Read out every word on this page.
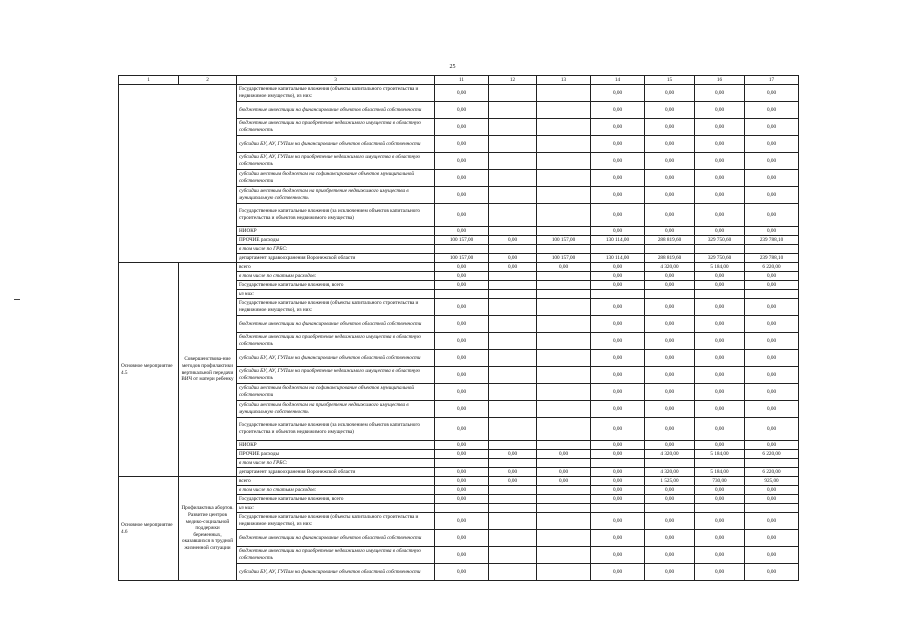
25
1	2	3	11	12	13	14	15	16	17
		Государственные капитальные вложения (объекты капитального строительства и недвижимое имущество), из них:	0,00			0,00	0,00	0,00	0,00
		бюджетные инвестиции на финансирование объектов областной собственности	0,00			0,00	0,00	0,00	0,00
		бюджетные инвестиции на приобретение недвижимого имущества в областную собственность	0,00			0,00	0,00	0,00	0,00
		субсидии БУ, АУ, ГУПам на финансирование объектов областной собственности	0,00			0,00	0,00	0,00	0,00
		субсидии БУ, АУ, ГУПам на приобретение недвижимого имущества в областную собственность	0,00			0,00	0,00	0,00	0,00
		субсидии местным бюджетам на софинансирование объектов муниципальной собственности	0,00			0,00	0,00	0,00	0,00
		субсидии местным бюджетам на приобретение недвижимого имущества в муниципальную собственность	0,00			0,00	0,00	0,00	0,00
		Государственные капитальные вложения (за исключением объектов капитального строительства и объектов недвижимого имущества)	0,00			0,00	0,00	0,00	0,00
		НИОКР	0,00			0,00	0,00	0,00	0,00
		ПРОЧИЕ расходы	100 157,00	0,00	100 157,00	130 114,00	288 819,60	329 750,60	239 788,10
		в том числе по ГРБС:							
		департамент здравоохранения Воронежской области	100 157,00	0,00	100 157,00	130 114,00	288 819,60	329 750,60	239 788,10
Основное мероприятие 4.5	Совершенствова-ние методов профилактики вертикальной передачи ВИЧ от матери ребенку	всего	0,00	0,00	0,00	0,00	4 320,00	5 184,00	6 220,00
		в том числе по статьям расходов:	0,00			0,00	0,00	0,00	0,00
		Государственные капитальные вложения, всего	0,00			0,00	0,00	0,00	0,00
		из них:							
		Государственные капитальные вложения (объекты капитального строительства и недвижимое имущество), из них:	0,00			0,00	0,00	0,00	0,00
		бюджетные инвестиции на финансирование объектов областной собственности	0,00			0,00	0,00	0,00	0,00
		бюджетные инвестиции на приобретение недвижимого имущества в областную собственность	0,00			0,00	0,00	0,00	0,00
		субсидии БУ, АУ, ГУПам на финансирование объектов областной собственности	0,00			0,00	0,00	0,00	0,00
		субсидии БУ, АУ, ГУПам на приобретение недвижимого имущества в областную собственность	0,00			0,00	0,00	0,00	0,00
		субсидии местным бюджетам на софинансирование объектов муниципальной собственности	0,00			0,00	0,00	0,00	0,00
		субсидии местным бюджетам на приобретение недвижимого имущества в муниципальную собственность	0,00			0,00	0,00	0,00	0,00
		Государственные капитальные вложения (за исключением объектов капитального строительства и объектов недвижимого имущества)	0,00			0,00	0,00	0,00	0,00
		НИОКР	0,00			0,00	0,00	0,00	0,00
		ПРОЧИЕ расходы	0,00	0,00	0,00	0,00	4 320,00	5 184,00	6 220,00
		в том числе по ГРБС:							
		департамент здравоохранения Воронежской области	0,00	0,00	0,00	0,00	4 320,00	5 184,00	6 220,00
Основное мероприятие 4.6	Профилактика абортов. Развитие центров медико-социальной поддержки беременных, оказавшихся в трудной жизненной ситуации	всего	0,00	0,00	0,00	0,00	1 525,00	730,00	925,00
		в том числе по статьям расходов:	0,00			0,00	0,00	0,00	0,00
		Государственные капитальные вложения, всего	0,00			0,00	0,00	0,00	0,00
		из них:							
		Государственные капитальные вложения (объекты капитального строительства и недвижимое имущество), из них:	0,00			0,00	0,00	0,00	0,00
		бюджетные инвестиции на финансирование объектов областной собственности	0,00			0,00	0,00	0,00	0,00
		бюджетные инвестиции на приобретение недвижимого имущества в областную собственность	0,00			0,00	0,00	0,00	0,00
		субсидии БУ, АУ, ГУПам на финансирование объектов областной собственности	0,00			0,00	0,00	0,00	0,00
